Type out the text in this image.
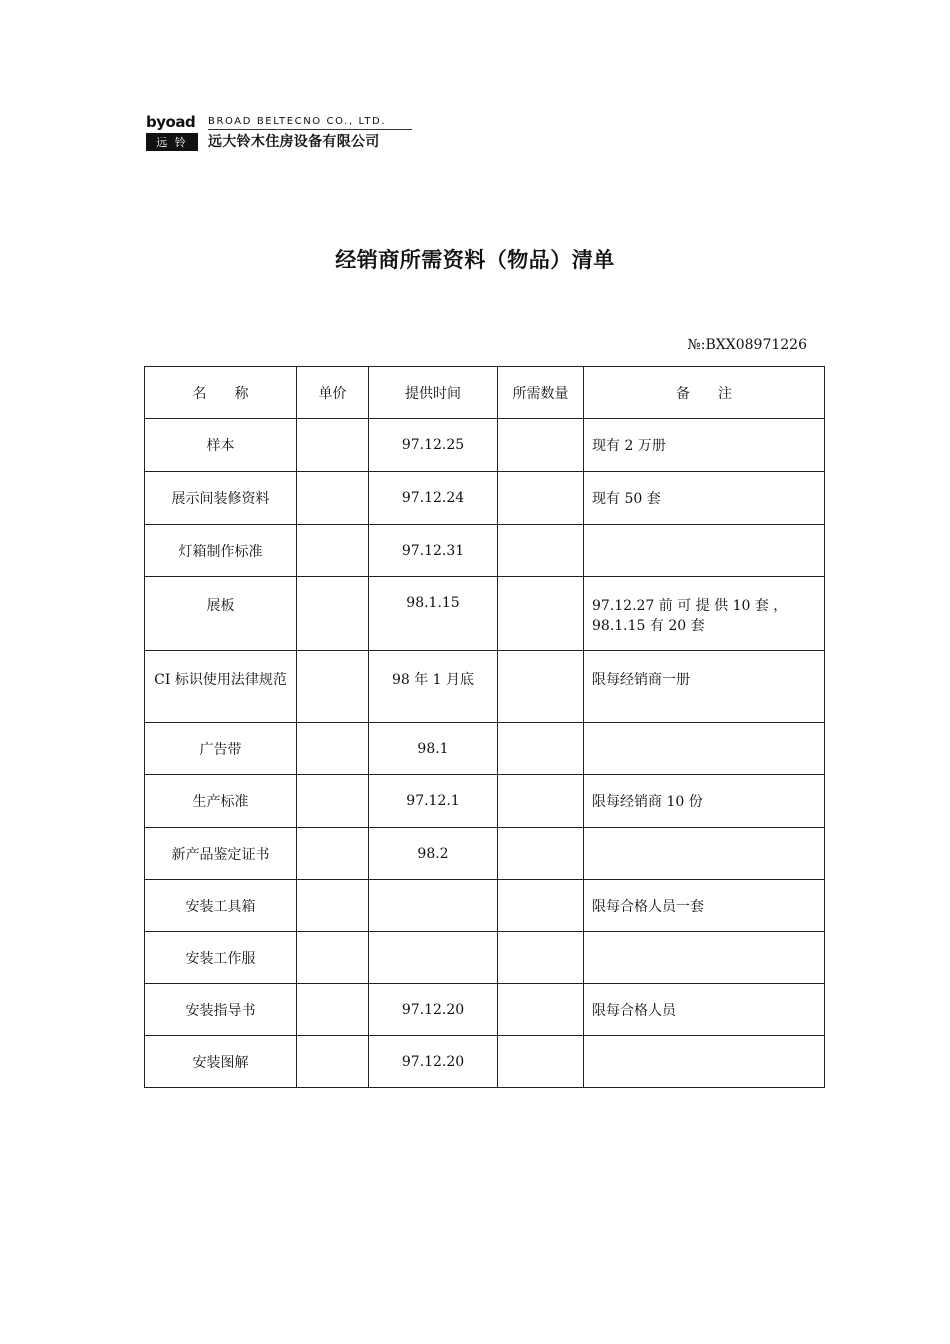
byoad BROAD BELTECNO CO., LTD.
远 铃	远大铃木住房设备有限公司
经销商所需资料（物品）清单
№:BXX08971226
名称	单价	提供时间	所需数量	备注
样本		97.12.25		现有 2 万册
展示间装修资料		97.12.24		现有 50 套
灯箱制作标准		97.12.31		
展板		98.1.15		97.12.27 前 可 提 供 10 套 ， 98.1.15 有 20 套
CI 标识使用法律规范		98 年 1 月底		限每经销商一册
广告带		98.1		
生产标准		97.12.1		限每经销商 10 份
新产品鉴定证书		98.2		
安装工具箱				限每合格人员一套
安装工作服				
安装指导书		97.12.20		限每合格人员
安装图解		97.12.20		
